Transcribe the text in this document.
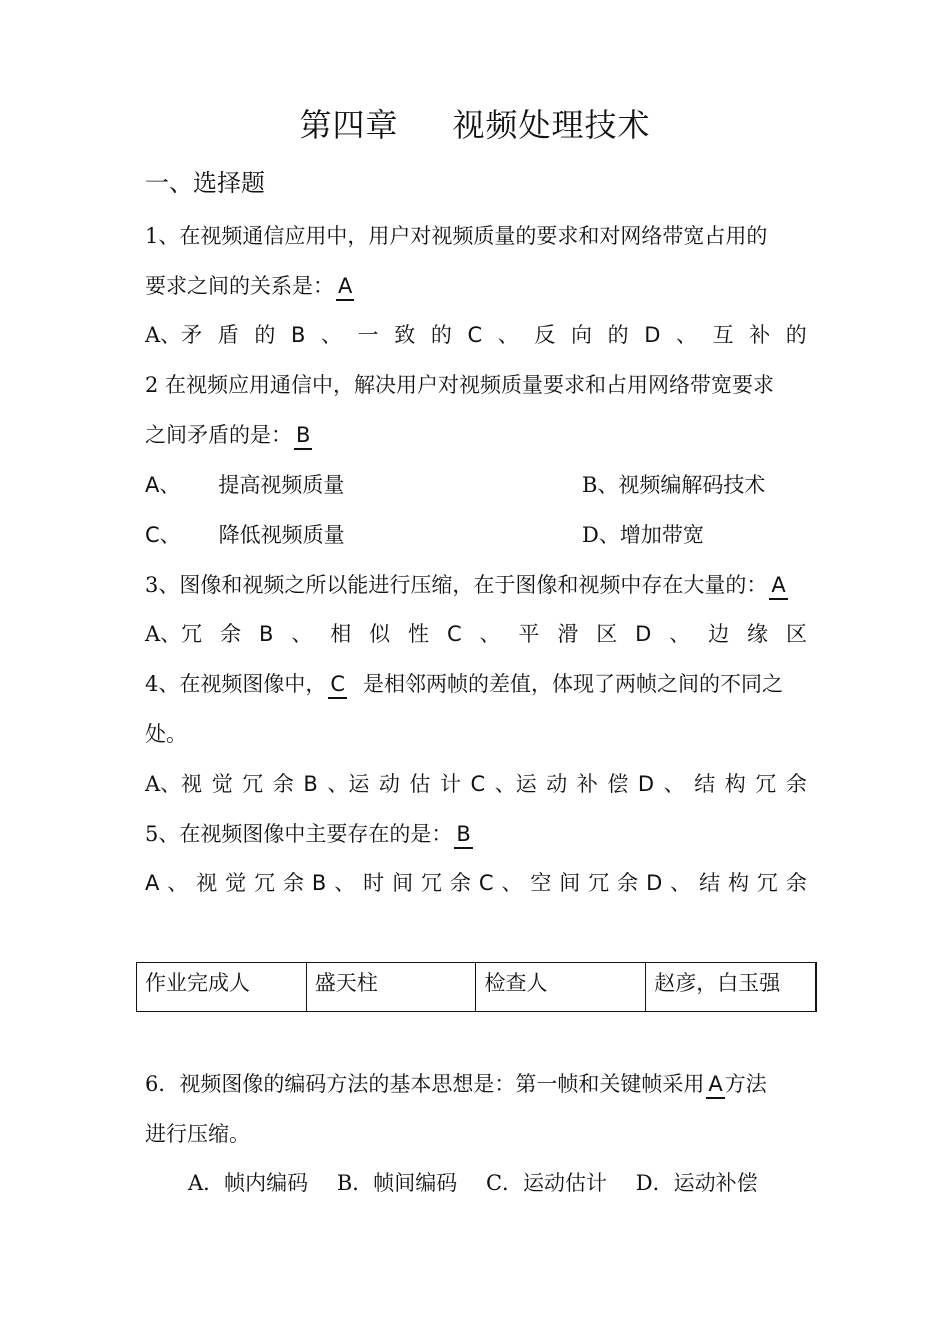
第四章 视频处理技术
一、选择题
1、在视频通信应用中，用户对视频质量的要求和对网络带宽占用的
要求之间的关系是： A
A、矛 盾 的 B 、 一 致 的 C 、 反 向 的 D 、 互 补 的
2 在视频应用通信中，解决用户对视频质量要求和占用网络带宽要求
之间矛盾的是： B
A、 提高视频质量	B、视频编解码技术
C、 降低视频质量	D、增加带宽
3、图像和视频之所以能进行压缩，在于图像和视频中存在大量的： A
A、冗 余 B 、 相 似 性 C 、 平 滑 区 D 、 边 缘 区
4、在视频图像中， C 是相邻两帧的差值，体现了两帧之间的不同之
处。
A、视 觉 冗 余 B 、运 动 估 计 C 、运 动 补 偿 D 、 结 构 冗 余
5、在视频图像中主要存在的是： B
A 、 视 觉 冗 余 B 、 时 间 冗 余 C 、 空 间 冗 余 D 、 结 构 冗 余
作业完成人	盛天柱	检查人	赵彦，白玉强
6．视频图像的编码方法的基本思想是：第一帧和关键帧采用 A方法
进行压缩。
A．帧内编码 B．帧间编码 C．运动估计 D．运动补偿
